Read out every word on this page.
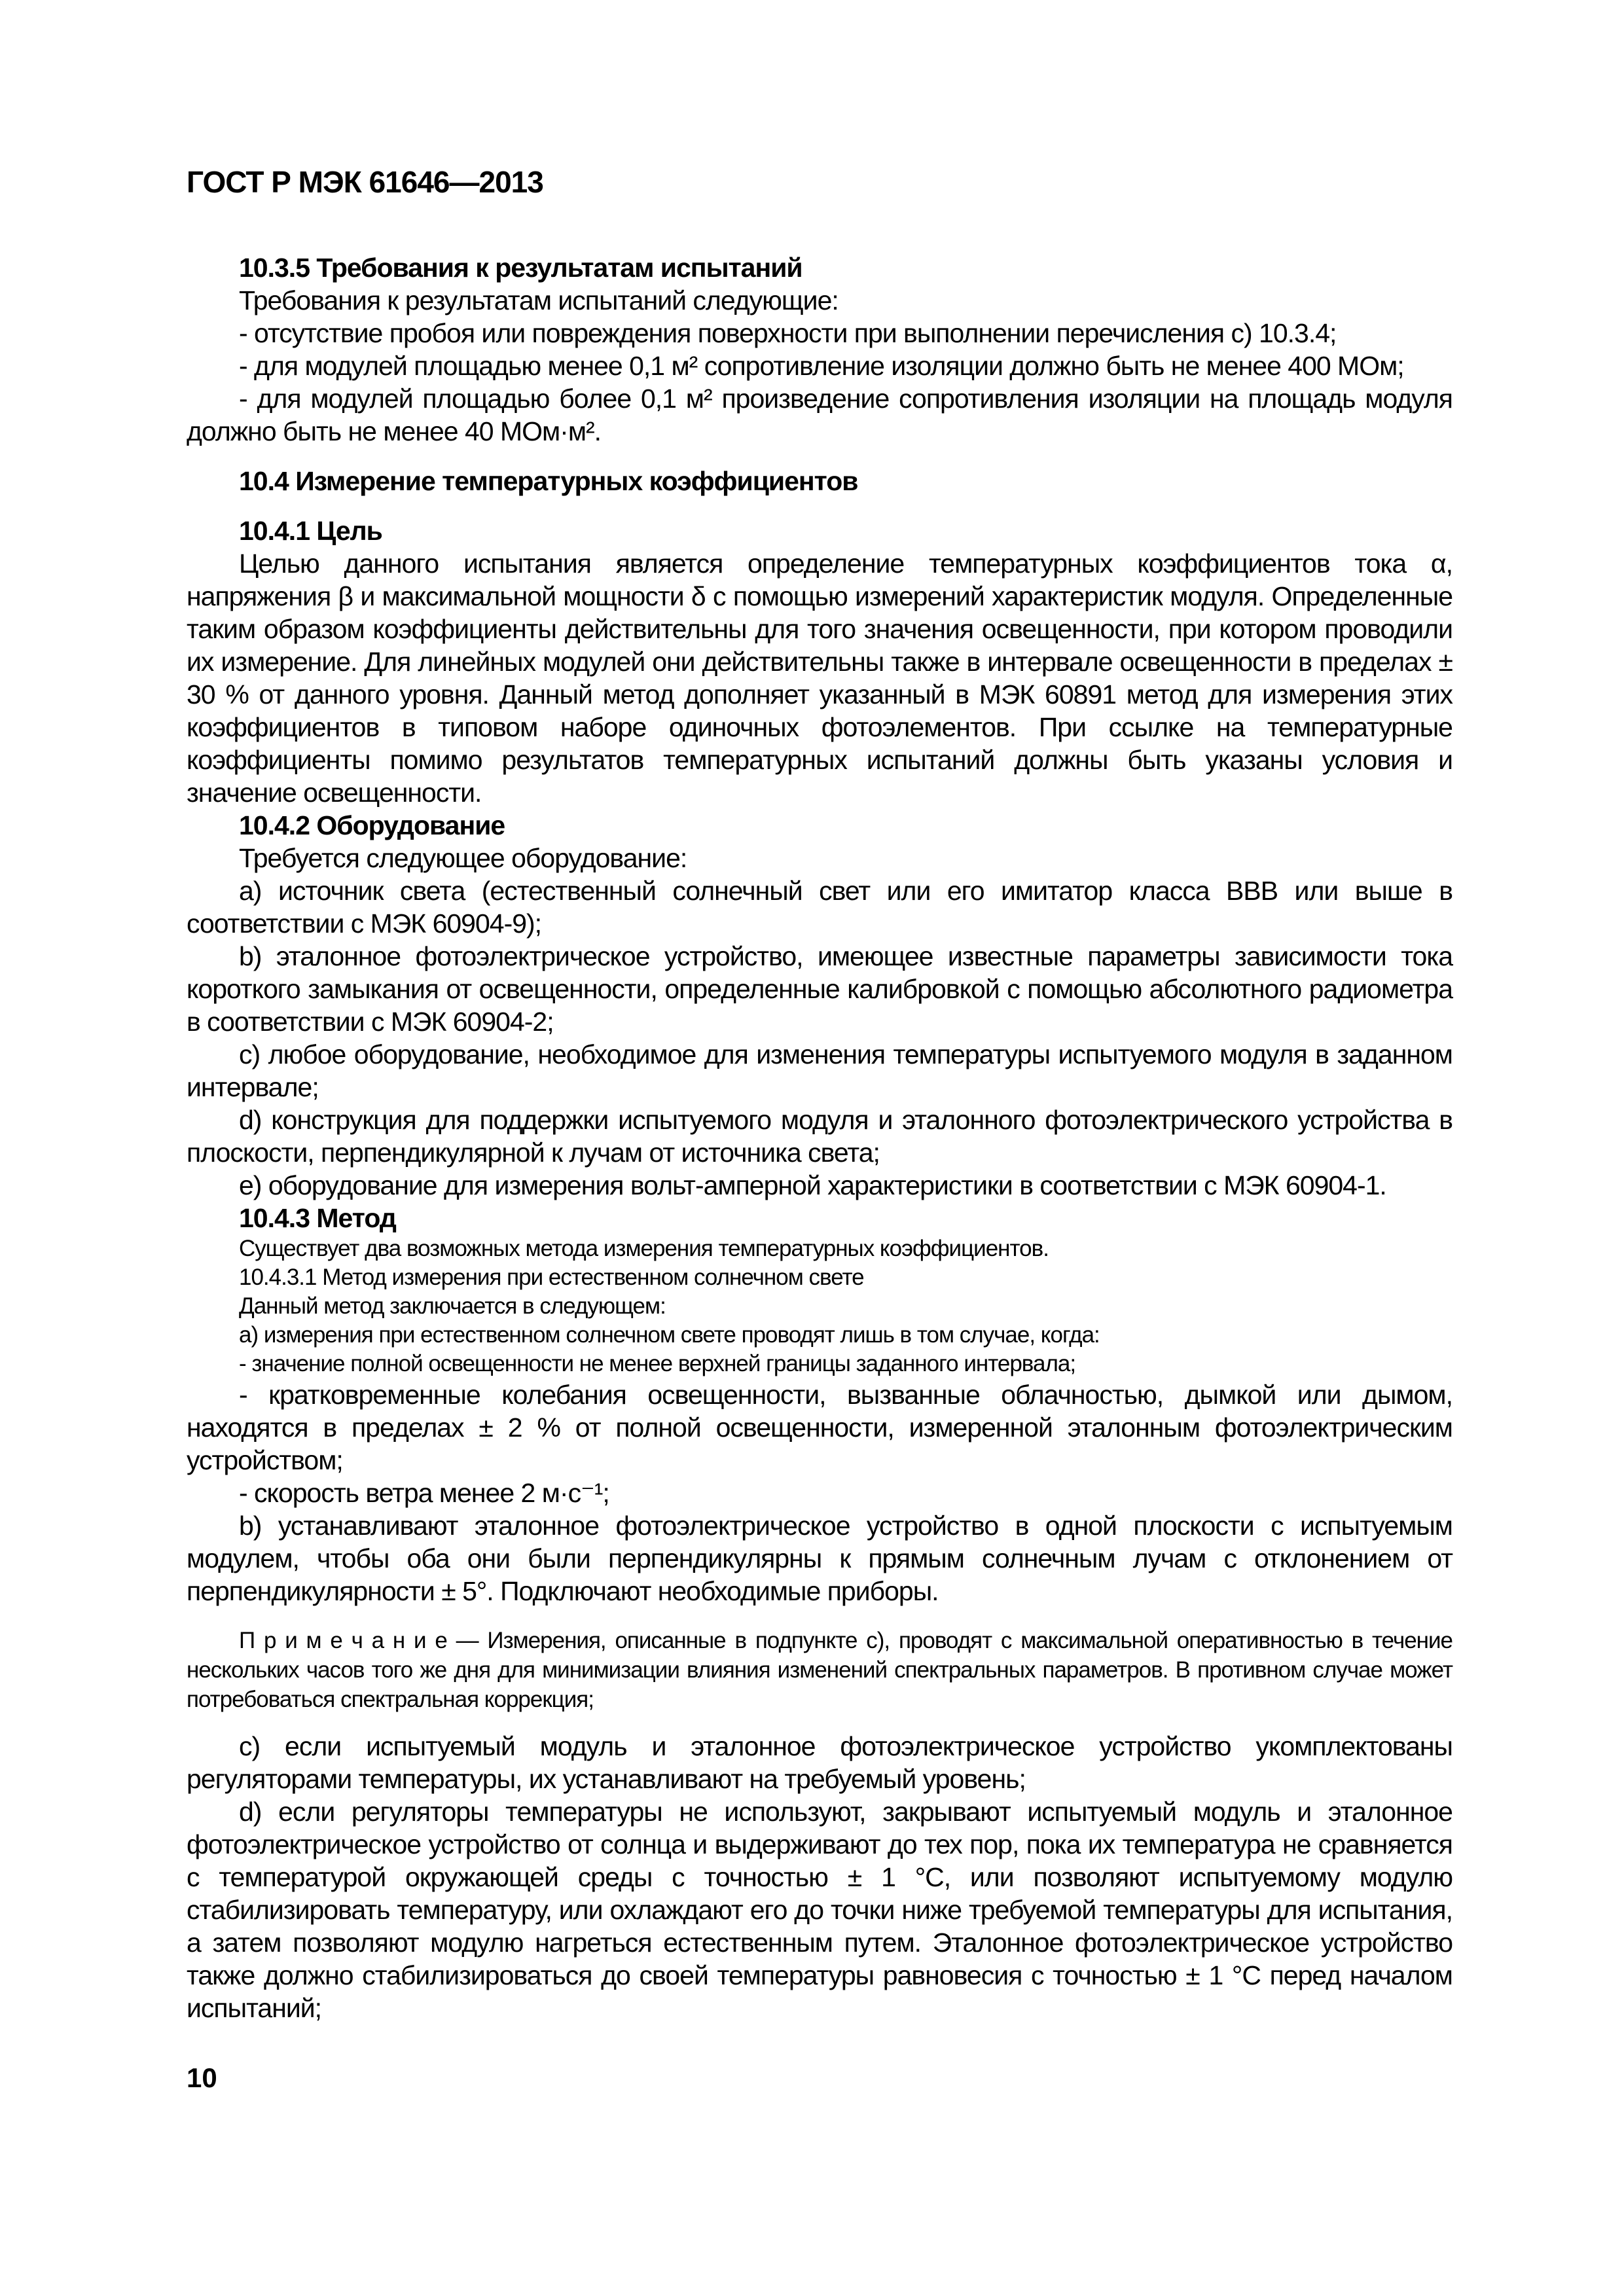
ГОСТ Р МЭК 61646—2013

10.3.5 Требования к результатам испытаний

Требования к результатам испытаний следующие:

- отсутствие пробоя или повреждения поверхности при выполнении перечисления с) 10.3.4;

- для модулей площадью менее 0,1 м² сопротивление изоляции должно быть не менее 400 МОм;

- для модулей площадью более 0,1 м² произведение сопротивления изоляции на площадь модуля должно быть не менее 40 МОм·м².

10.4 Измерение температурных коэффициентов

10.4.1 Цель

Целью данного испытания является определение температурных коэффициентов тока α, напряжения β и максимальной мощности δ с помощью измерений характеристик модуля. Определенные таким образом коэффициенты действительны для того значения освещенности, при котором проводили их измерение. Для линейных модулей они действительны также в интервале освещенности в пределах ± 30 % от данного уровня. Данный метод дополняет указанный в МЭК 60891 метод для измерения этих коэффициентов в типовом наборе одиночных фотоэлементов. При ссылке на температурные коэффициенты помимо результатов температурных испытаний должны быть указаны условия и значение освещенности.

10.4.2 Оборудование

Требуется следующее оборудование:

a) источник света (естественный солнечный свет или его имитатор класса BBB или выше в соответствии с МЭК 60904-9);

b) эталонное фотоэлектрическое устройство, имеющее известные параметры зависимости тока короткого замыкания от освещенности, определенные калибровкой с помощью абсолютного радиометра в соответствии с МЭК 60904-2;

c) любое оборудование, необходимое для изменения температуры испытуемого модуля в заданном интервале;

d) конструкция для поддержки испытуемого модуля и эталонного фотоэлектрического устройства в плоскости, перпендикулярной к лучам от источника света;

e) оборудование для измерения вольт-амперной характеристики в соответствии с МЭК 60904-1.

10.4.3 Метод

Существует два возможных метода измерения температурных коэффициентов.

10.4.3.1 Метод измерения при естественном солнечном свете

Данный метод заключается в следующем:

а) измерения при естественном солнечном свете проводят лишь в том случае, когда:

- значение полной освещенности не менее верхней границы заданного интервала;

- кратковременные колебания освещенности, вызванные облачностью, дымкой или дымом, находятся в пределах ± 2 % от полной освещенности, измеренной эталонным фотоэлектрическим устройством;

- скорость ветра менее 2 м·с⁻¹;

b) устанавливают эталонное фотоэлектрическое устройство в одной плоскости с испытуемым модулем, чтобы оба они были перпендикулярны к прямым солнечным лучам с отклонением от перпендикулярности ± 5°. Подключают необходимые приборы.

П р и м е ч а н и е — Измерения, описанные в подпункте с), проводят с максимальной оперативностью в течение нескольких часов того же дня для минимизации влияния изменений спектральных параметров. В противном случае может потребоваться спектральная коррекция;

c) если испытуемый модуль и эталонное фотоэлектрическое устройство укомплектованы регуляторами температуры, их устанавливают на требуемый уровень;

d) если регуляторы температуры не используют, закрывают испытуемый модуль и эталонное фотоэлектрическое устройство от солнца и выдерживают до тех пор, пока их температура не сравняется с температурой окружающей среды с точностью ± 1 °С, или позволяют испытуемому модулю стабилизировать температуру, или охлаждают его до точки ниже требуемой температуры для испытания, а затем позволяют модулю нагреться естественным путем. Эталонное фотоэлектрическое устройство также должно стабилизироваться до своей температуры равновесия с точностью ± 1 °С перед началом испытаний;

10
